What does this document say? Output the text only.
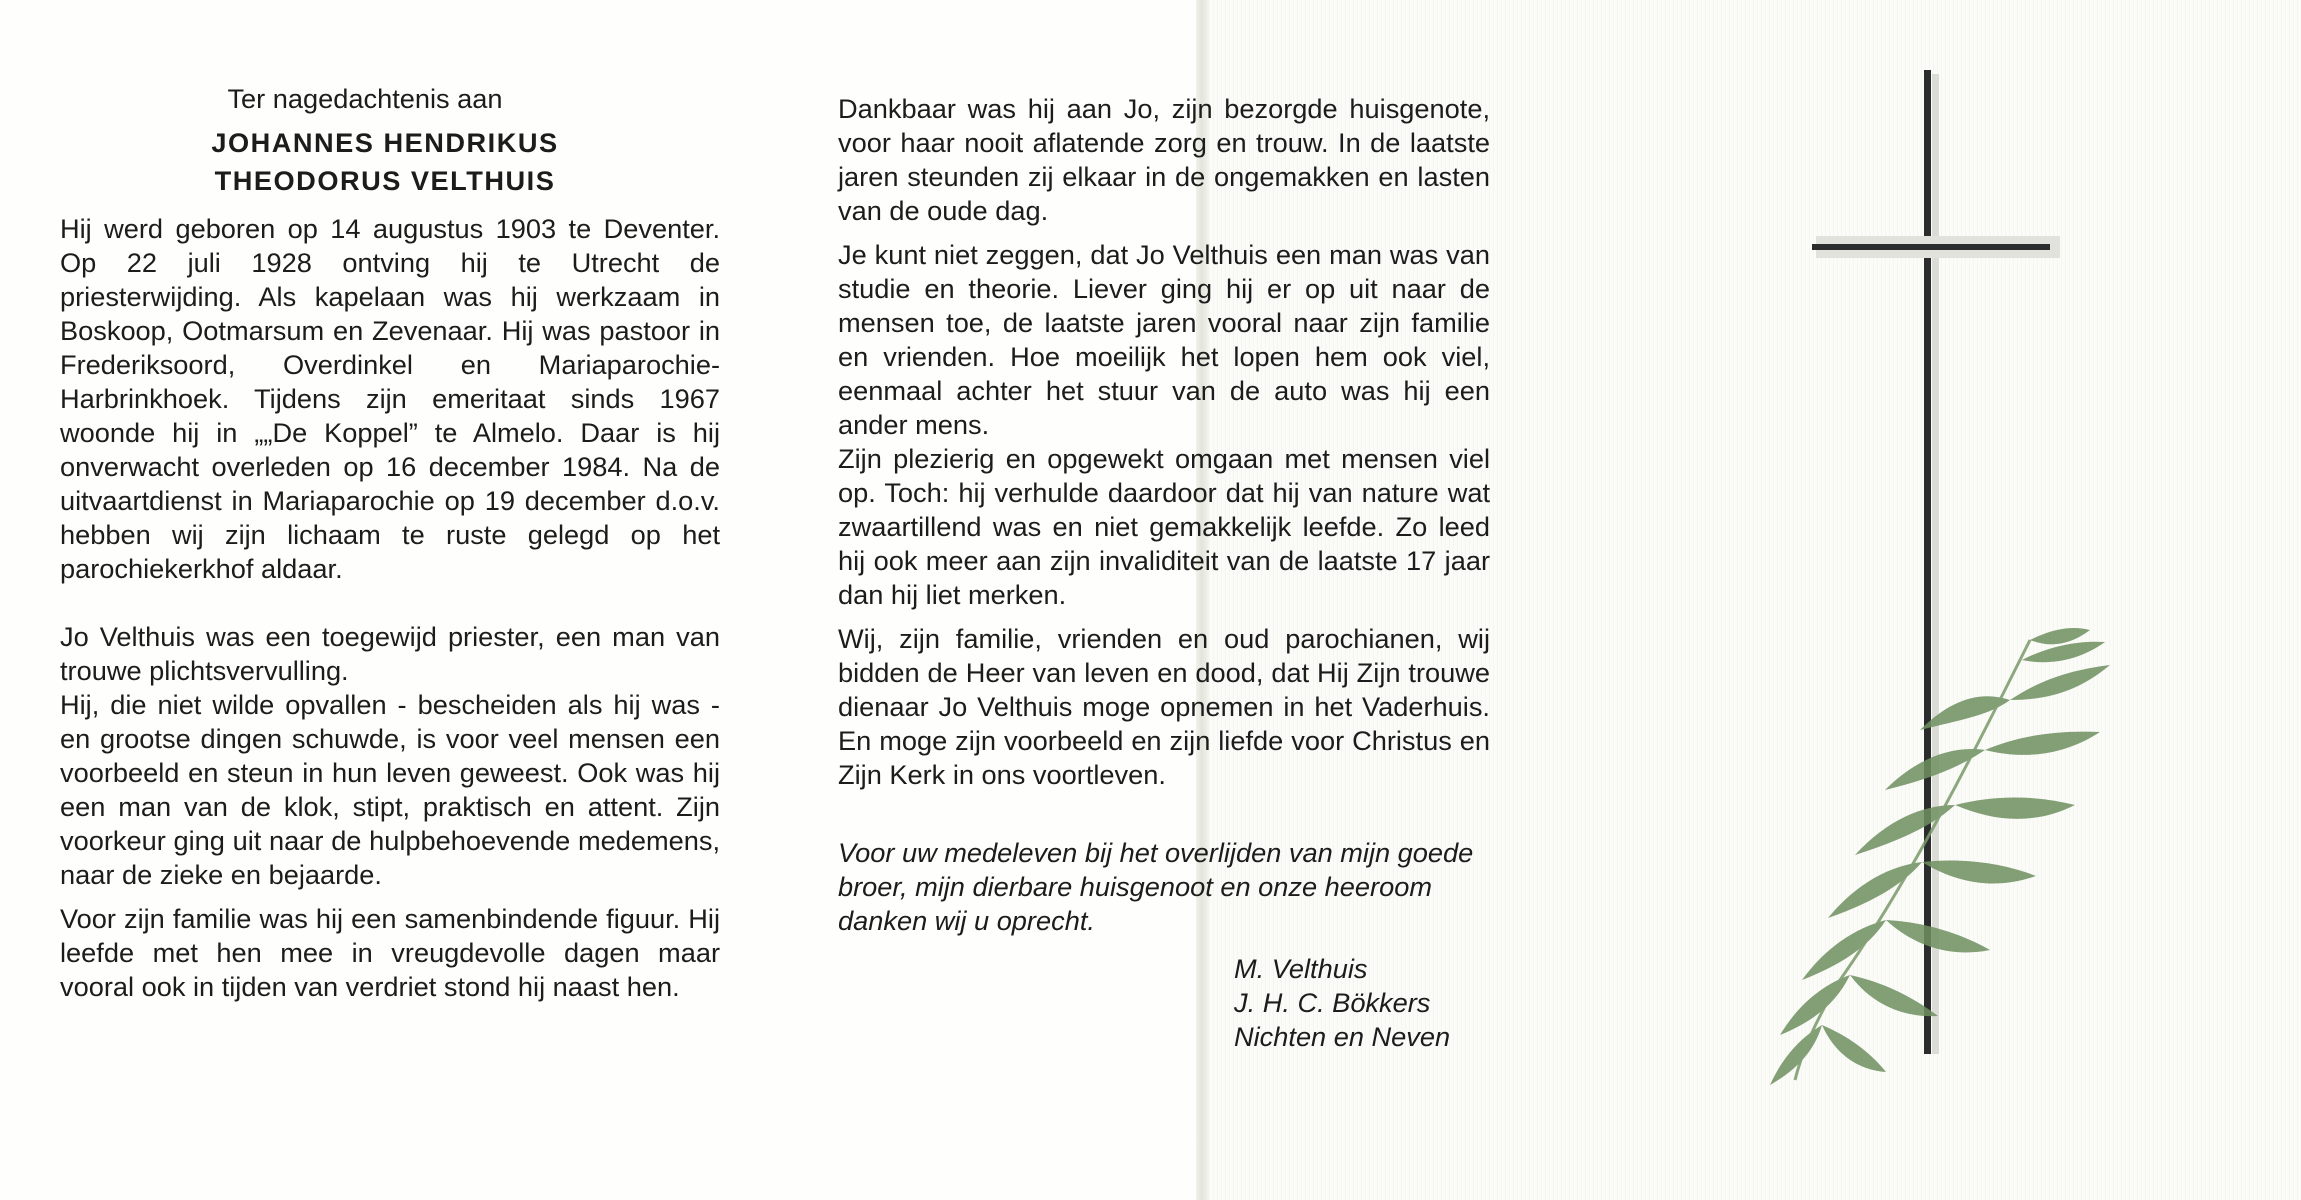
Ter nagedachtenis aan

JOHANNES HENDRIKUS

THEODORUS VELTHUIS

Hij werd geboren op 14 augustus 1903 te Deventer. Op 22 juli 1928 ontving hij te Utrecht de priesterwijding. Als kapelaan was hij werkzaam in Boskoop, Ootmarsum en Zevenaar. Hij was pastoor in Frederiksoord, Overdinkel en Mariaparochie-Harbrinkhoek. Tijdens zijn emeritaat sinds 1967 woonde hij in „„De Koppel” te Almelo. Daar is hij onverwacht overleden op 16 december 1984. Na de uitvaartdienst in Mariaparochie op 19 december d.o.v. hebben wij zijn lichaam te ruste gelegd op het parochiekerkhof aldaar.

Jo Velthuis was een toegewijd priester, een man van trouwe plichtsvervulling.

Hij, die niet wilde opvallen - bescheiden als hij was - en grootse dingen schuwde, is voor veel mensen een voorbeeld en steun in hun leven geweest. Ook was hij een man van de klok, stipt, praktisch en attent. Zijn voorkeur ging uit naar de hulpbehoevende medemens, naar de zieke en bejaarde.

Voor zijn familie was hij een samenbindende figuur. Hij leefde met hen mee in vreugdevolle dagen maar vooral ook in tijden van verdriet stond hij naast hen.

Dankbaar was hij aan Jo, zijn bezorgde huisgenote, voor haar nooit aflatende zorg en trouw. In de laatste jaren steunden zij elkaar in de ongemakken en lasten van de oude dag.

Je kunt niet zeggen, dat Jo Velthuis een man was van studie en theorie. Liever ging hij er op uit naar de mensen toe, de laatste jaren vooral naar zijn familie en vrienden. Hoe moeilijk het lopen hem ook viel, eenmaal achter het stuur van de auto was hij een ander mens.

Zijn plezierig en opgewekt omgaan met mensen viel op. Toch: hij verhulde daardoor dat hij van nature wat zwaartillend was en niet gemakkelijk leefde. Zo leed hij ook meer aan zijn invaliditeit van de laatste 17 jaar dan hij liet merken.

Wij, zijn familie, vrienden en oud parochianen, wij bidden de Heer van leven en dood, dat Hij Zijn trouwe dienaar Jo Velthuis moge opnemen in het Vaderhuis. En moge zijn voorbeeld en zijn liefde voor Christus en Zijn Kerk in ons voortleven.

Voor uw medeleven bij het overlijden van mijn goede broer, mijn dierbare huisgenoot en onze heeroom danken wij u oprecht.

M. Velthuis
J. H. C. Bökkers
Nichten en Neven
